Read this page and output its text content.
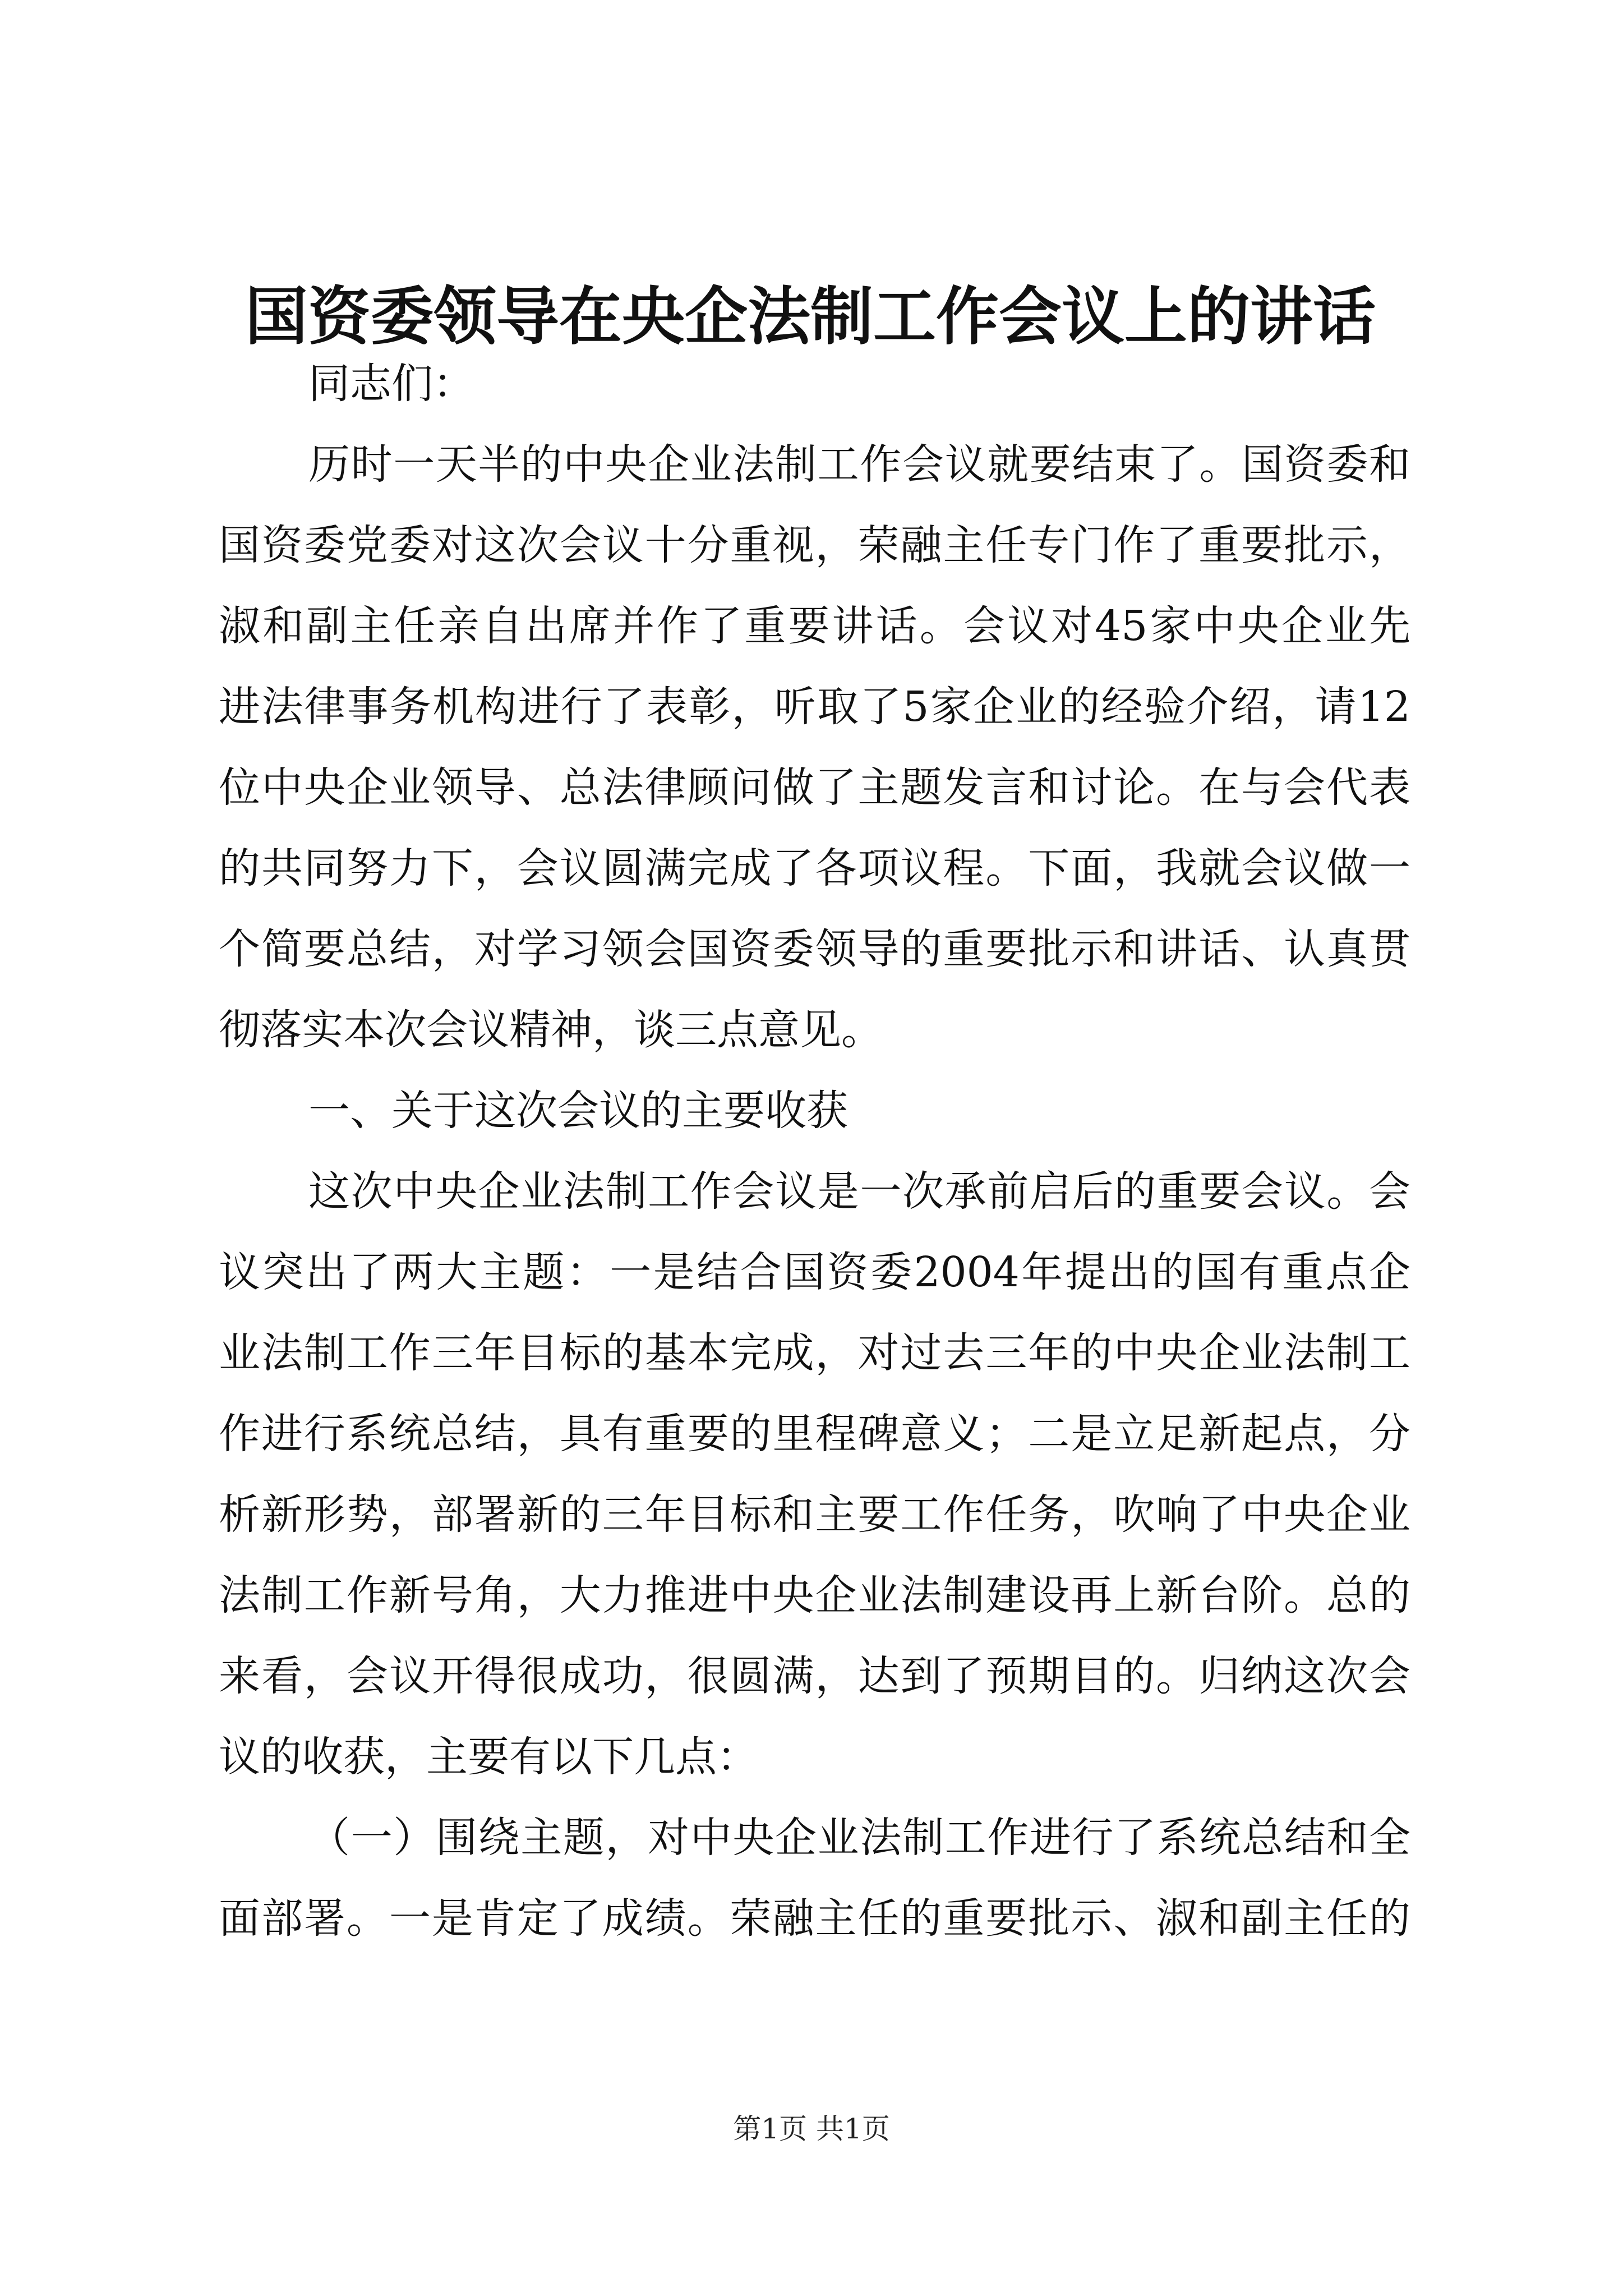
国资委领导在央企法制工作会议上的讲话
同志们：
历时一天半的中央企业法制工作会议就要结束了。国资委和
国资委党委对这次会议十分重视，荣融主任专门作了重要批示，
淑和副主任亲自出席并作了重要讲话。会议对45家中央企业先
进法律事务机构进行了表彰，听取了5家企业的经验介绍，请12
位中央企业领导、总法律顾问做了主题发言和讨论。在与会代表
的共同努力下，会议圆满完成了各项议程。下面，我就会议做一
个简要总结，对学习领会国资委领导的重要批示和讲话、认真贯
彻落实本次会议精神，谈三点意见。
一、关于这次会议的主要收获
这次中央企业法制工作会议是一次承前启后的重要会议。会
议突出了两大主题：一是结合国资委2004年提出的国有重点企
业法制工作三年目标的基本完成，对过去三年的中央企业法制工
作进行系统总结，具有重要的里程碑意义；二是立足新起点，分
析新形势，部署新的三年目标和主要工作任务，吹响了中央企业
法制工作新号角，大力推进中央企业法制建设再上新台阶。总的
来看，会议开得很成功，很圆满，达到了预期目的。归纳这次会
议的收获，主要有以下几点：
（一）围绕主题，对中央企业法制工作进行了系统总结和全
面部署。一是肯定了成绩。荣融主任的重要批示、淑和副主任的
第1页 共1页
